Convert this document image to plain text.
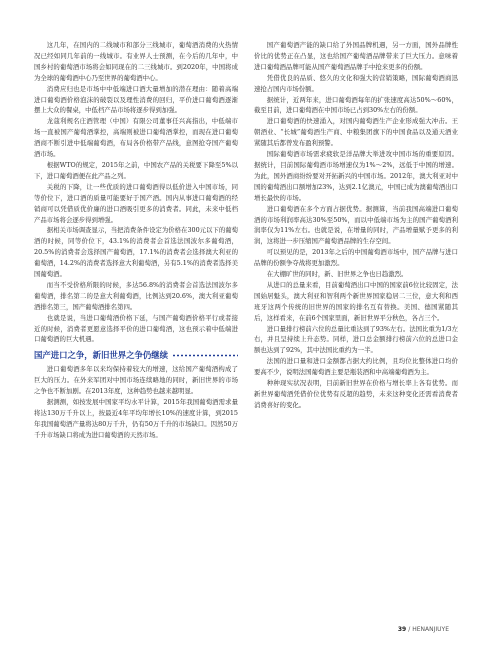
这几年，在国内的二线城市和部分三线城市，葡萄酒消费的火热情况已经如同几年前的一线城市。有业界人士预测，在今后的几年中，中国乡村的葡萄酒市场将会如同现在的二三线城市。到2020年，中国将成为全球的葡萄酒中心乃至世界的葡萄酒中心。

消费应归也是市场中中低端进口酒大量增加的潜在理由：随着高端进口葡萄酒价格泡沫的破裂以及理性消费的回归，平价进口葡萄酒逐渐摆上大众的餐桌，中低档产品市场将逐步得到加强。

龙蔻利规名庄酒管理（中国）有限公司董事任兴高指出，中低端市场一直被国产葡萄酒掌控，高端则被进口葡萄酒掌控，而现在进口葡萄酒商不断引进中低端葡萄酒，布局各价格带产品线，意图抢夺国产葡萄酒市场。

根据WTO的规定，2015年之前，中国农产品的关税要下降至5%以下，进口葡萄酒便在此产品之列。

关税的下降，让一些优质的进口葡萄酒得以低价进入中国市场，同等价位下，进口酒的质量可能要好于国产酒。国内从事进口葡萄酒的经销商可以凭借质优价廉的进口酒吸引更多的消费者。同此，未来中低档产品市场将会逐步得到增强。

据相关市场调查显示，当把消费条件设定为价格在300元以下的葡萄酒的时候，同等价位下，43.1%的消费者会首选法国波尔多葡萄酒，20.5%的消费者会选择国产葡萄酒，17.1%的消费者会选择澳大利亚的葡萄酒，14.2%的消费者选择意大利葡萄酒，另有5.1%的消费者选择美国葡萄酒。

而当不受价格所限的时候，多达56.8%的消费者会首选法国波尔多葡萄酒，排名第二的是意大利葡萄酒，比例达到20.6%，澳大利亚葡萄酒排名第三，国产葡萄酒排名第四。

也就是说，当进口葡萄酒价格下延，与国产葡萄酒价格平行或者接近的时候，消费者更愿意选择平价的进口葡萄酒，这也预示着中低端进口葡萄酒的巨大机遇。

国产进口之争，新旧世界之争仍继续

进口葡萄酒多年以来均保持着较大的增速，这给国产葡萄酒构成了巨大的压力。在外来军团对中国市场连续略地的同时，新旧世界的市场之争也不断加剧。在2013年度，这种趋势也越来越明显。

据测测，如按发展中国家平均水平计算，2015年我国葡萄酒需求量将达130万千升以上，按最近4年平均年增长10%的速度计算，到2015年我国葡萄酒产量将达80万千升，仍有50万千升的市场缺口。因然50万千升市场缺口将成为进口葡萄酒的天然市场。

国产葡萄酒产能的缺口给了外国品牌机遇，另一方面，国外品牌性价比的优势正在凸显，这也给国产葡萄酒品牌带来了巨大压力。意味着进口葡萄酒品牌可能从国产葡萄酒品牌手中抢来更多的份额。

凭借优良的品质、悠久的文化和强大的营销策略，国际葡萄酒商迅速抢占国内市场份额。

据统计，近两年来，进口葡萄酒每年的扩张速度高达50%～60%，截至目前，进口葡萄酒在中国市场已占到30%左右的份额。

进口葡萄酒的快速涌入，对国内葡萄酒生产企业形成强大冲击。王朝酒业、“长城”葡萄酒生产商、中粮集团旗下的中国食品以及通天酒业紧随其后都曾发布盈利预警。

国际葡萄酒市场需求疲软是洋品牌大举进攻中国市场的重要原因。据统计，目前国际葡萄酒市场增速仅为1%～2%，远低于中国的增速。为此，国外酒商纷纷要对开拓新兴的中国市场。2012年，澳大利亚对中国的葡萄酒出口额增加23%，达到2.1亿澳元，中国已成为澳葡萄酒出口增长最快的市场。

进口葡萄酒在多个方面占据优势。据测算，当前我国高端进口葡萄酒的市场利润率高达30%至50%，而以中低端市场为主的国产葡萄酒利润率仅为11%左右。也就是说，在增量的同时，产品增量赋予更多的利润，这将进一步压缩国产葡萄酒品牌的生存空间。

可以预见的是，2013年之后的中国葡萄酒市场中，国产品牌与进口品牌的份额争夺战将更加激烈。

在大棚旷世的同时，新、旧世界之争也日趋激烈。

从进口的总量来看，目前葡萄酒出口中国的国家前6位比较固定，法国始居魁头，澳大利亚和智利两个新世界国家稳居二三位，意大利和西班牙这两个传统的旧世界的国家的排名互有替换。美国、德国紧随其后，这样看来，在前6个国家里面，新旧世界平分秋色，各占三个。

进口量排行榜前六位的总量比重达到了93%左右。法国比重为1/3左右，并且呈持续上升态势。同样，进口总金额排行榜前六位的总进口金额也达到了92%，其中法国比重约为一半。

法国的进口量和进口金额都占据大约比例，且均位比整体进口均价要高不少，说明法国葡萄酒主要是瓶装酒和中高端葡萄酒为主。

种种现实状况表明，目前新旧世界在价格与增长率上各有优势。而新世界葡萄酒凭借价位优势有反超的趋势，未来这种变化还需看消费者消费喜好的变化。

39 / HENANJIUYE
